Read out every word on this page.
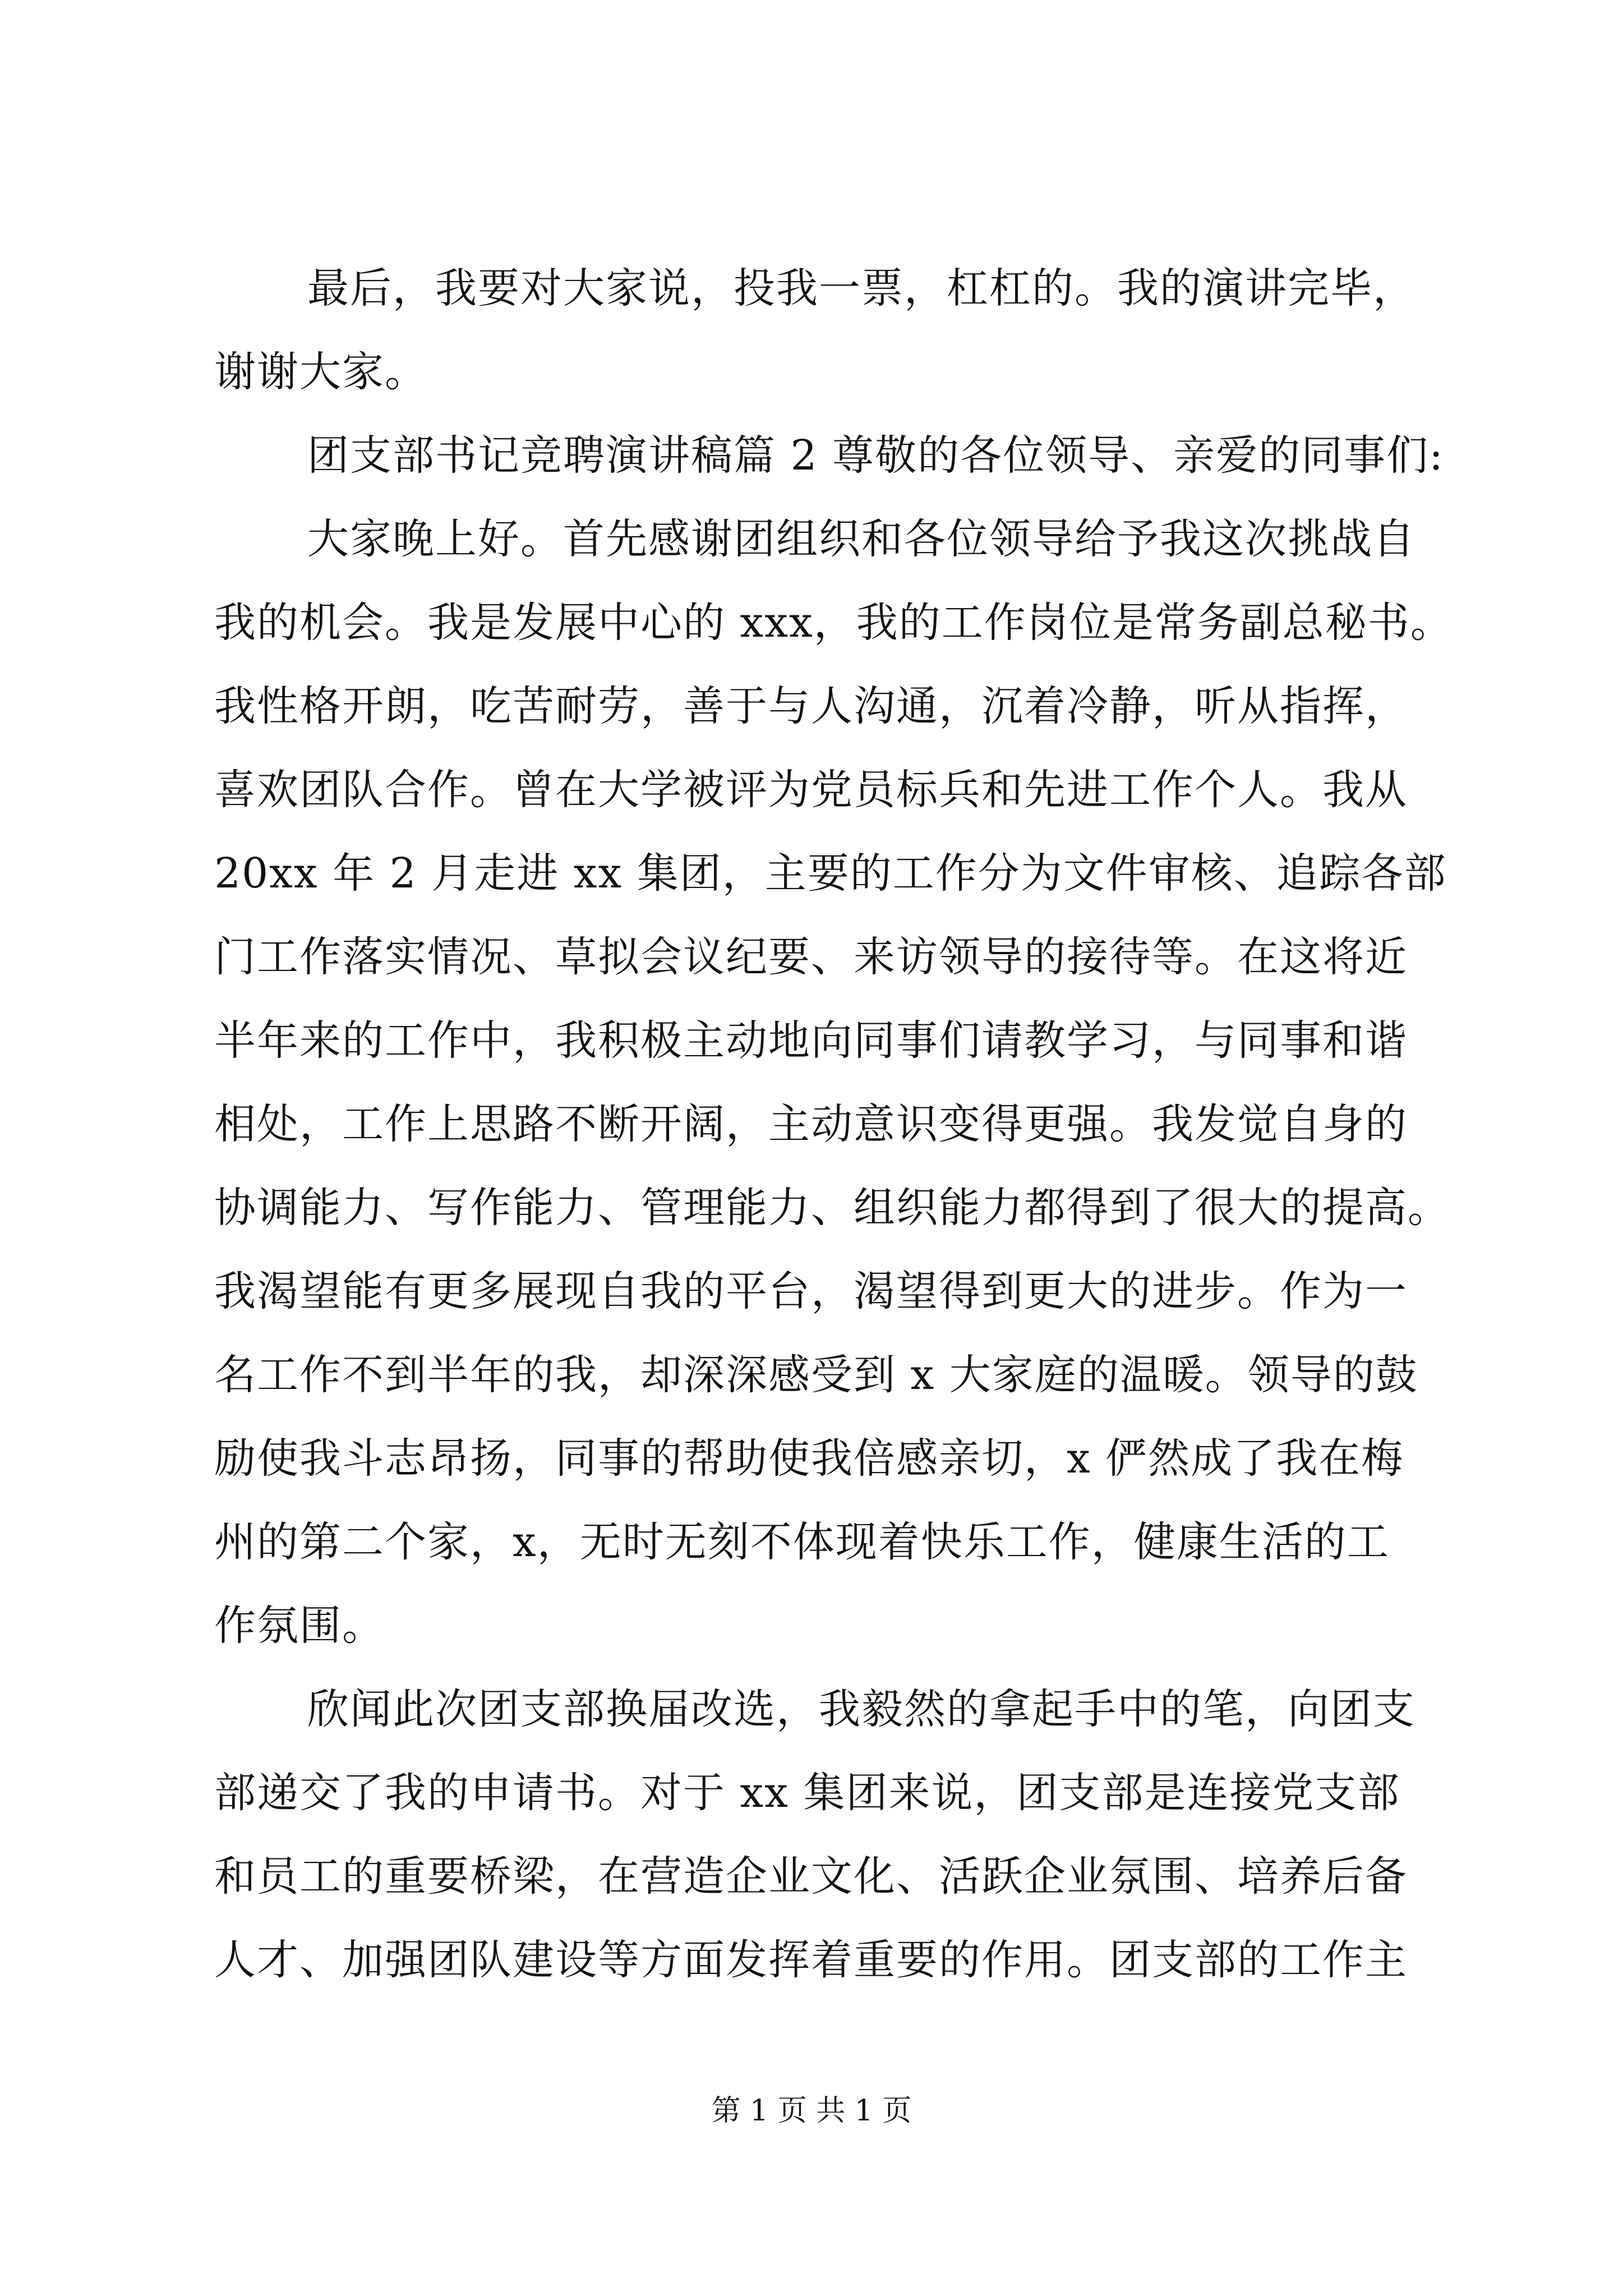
最后，我要对大家说，投我一票，杠杠的。我的演讲完毕，
谢谢大家。
团支部书记竞聘演讲稿篇 2 尊敬的各位领导、亲爱的同事们:
大家晚上好。首先感谢团组织和各位领导给予我这次挑战自
我的机会。我是发展中心的 xxx，我的工作岗位是常务副总秘书。
我性格开朗，吃苦耐劳，善于与人沟通，沉着冷静，听从指挥，
喜欢团队合作。曾在大学被评为党员标兵和先进工作个人。我从
20xx 年 2 月走进 xx 集团，主要的工作分为文件审核、追踪各部
门工作落实情况、草拟会议纪要、来访领导的接待等。在这将近
半年来的工作中，我积极主动地向同事们请教学习，与同事和谐
相处，工作上思路不断开阔，主动意识变得更强。我发觉自身的
协调能力、写作能力、管理能力、组织能力都得到了很大的提高。
我渴望能有更多展现自我的平台，渴望得到更大的进步。作为一
名工作不到半年的我，却深深感受到 x 大家庭的温暖。领导的鼓
励使我斗志昂扬，同事的帮助使我倍感亲切，x 俨然成了我在梅
州的第二个家，x，无时无刻不体现着快乐工作，健康生活的工
作氛围。
欣闻此次团支部换届改选，我毅然的拿起手中的笔，向团支
部递交了我的申请书。对于 xx 集团来说，团支部是连接党支部
和员工的重要桥梁，在营造企业文化、活跃企业氛围、培养后备
人才、加强团队建设等方面发挥着重要的作用。团支部的工作主
第 1 页 共 1 页
